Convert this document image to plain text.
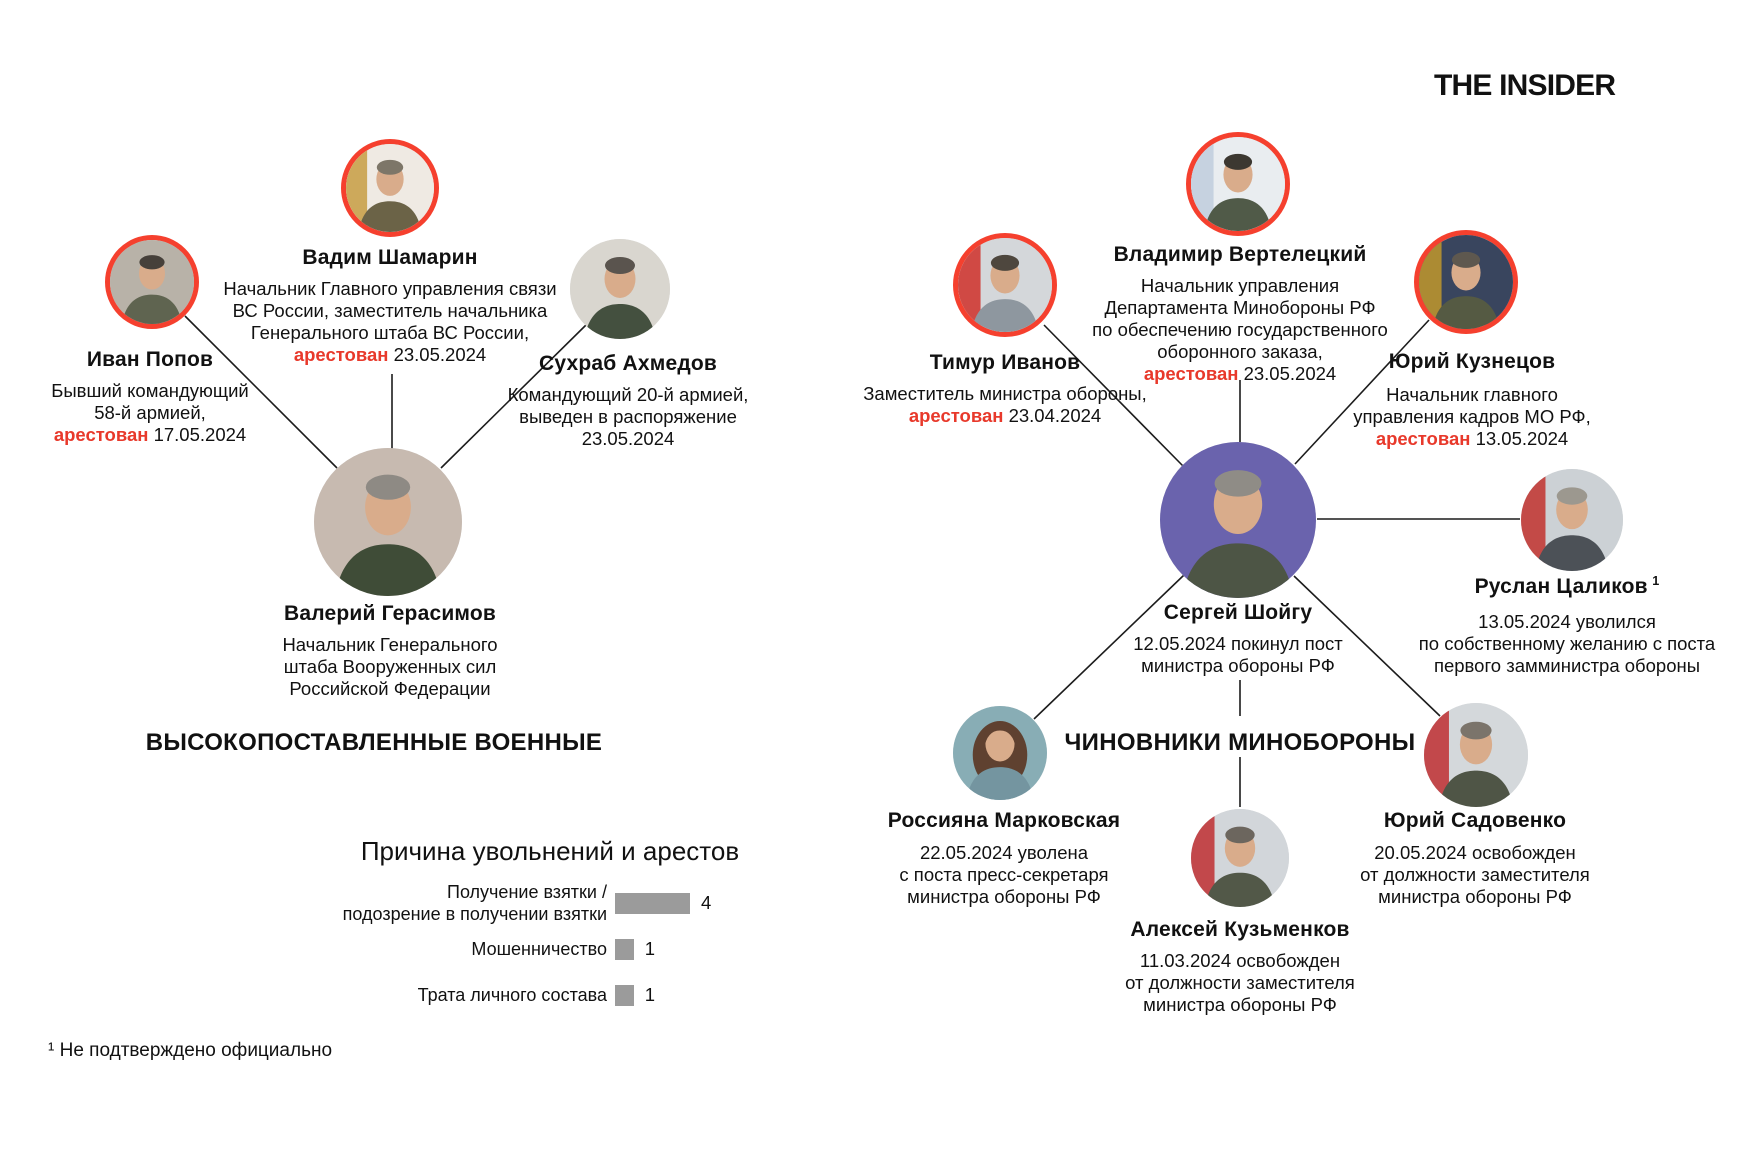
THE INSIDER
ВЫСОКОПОСТАВЛЕННЫЕ ВОЕННЫЕ	ЧИНОВНИКИ МИНОБОРОНЫ
Иван Попов
Бывший командующий
58-й армией,
арестован 17.05.2024
Вадим Шамарин
Начальник Главного управления связи
ВС России, заместитель начальника
Генерального штаба ВС России,
арестован 23.05.2024	Сухраб Ахмедов
Командующий 20-й армией,
выведен в распоряжение
23.05.2024
Валерий Герасимов
Начальник Генерального
штаба Вооруженных сил
Российской Федерации
Тимур Иванов
Заместитель министра обороны,
арестован 23.04.2024
Владимир Вертелецкий
Начальник управления
Департамента Минобороны РФ
по обеспечению государственного
оборонного заказа,
арестован 23.05.2024
Юрий Кузнецов
Начальник главного
управления кадров МО РФ,
арестован 13.05.2024
Руслан Цаликов  $^1$
13.05.2024 уволился
по собственному желанию с поста
первого замминистра обороны
Сергей Шойгу
12.05.2024 покинул пост
министра обороны РФ
Россияна Марковская
22.05.2024 уволена
с поста пресс-секретаря
министра обороны РФ
Алексей Кузьменков
11.03.2024 освобожден
от должности заместителя
министра обороны РФ
Юрий Садовенко
20.05.2024 освобожден
от должности заместителя
министра обороны РФ
Причина увольнений и арестов
Получение взятки /
подозрение в получении взятки
4
Мошенничество 1
Трата личного состава 1
¹ Не подтверждено официально
